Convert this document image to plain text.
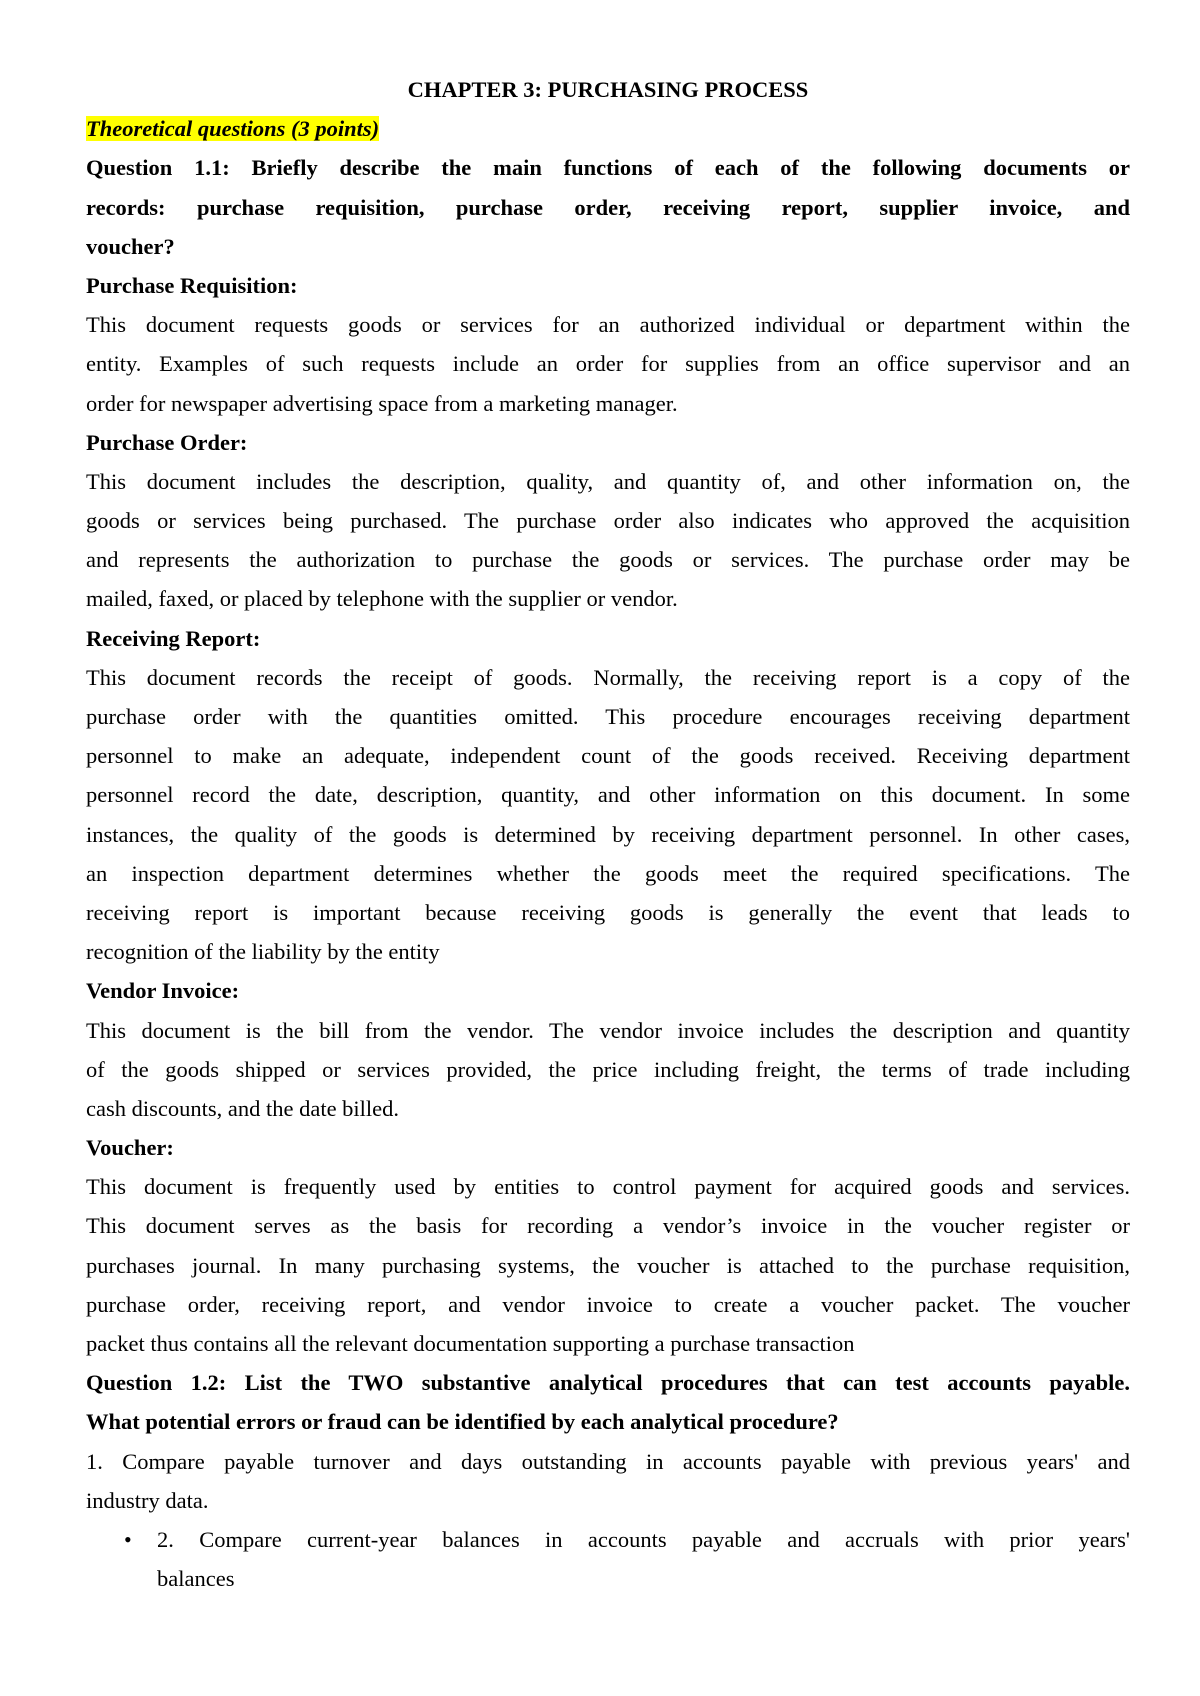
CHAPTER 3: PURCHASING PROCESS
Theoretical questions (3 points)
Question 1.1: Briefly describe the main functions of each of the following documents or
records: purchase requisition, purchase order, receiving report, supplier invoice, and
voucher?
Purchase Requisition:
This document requests goods or services for an authorized individual or department within the
entity. Examples of such requests include an order for supplies from an office supervisor and an
order for newspaper advertising space from a marketing manager.
Purchase Order:
This document includes the description, quality, and quantity of, and other information on, the
goods or services being purchased. The purchase order also indicates who approved the acquisition
and represents the authorization to purchase the goods or services. The purchase order may be
mailed, faxed, or placed by telephone with the supplier or vendor.
Receiving Report:
This document records the receipt of goods. Normally, the receiving report is a copy of the
purchase order with the quantities omitted. This procedure encourages receiving department
personnel to make an adequate, independent count of the goods received. Receiving department
personnel record the date, description, quantity, and other information on this document. In some
instances, the quality of the goods is determined by receiving department personnel. In other cases,
an inspection department determines whether the goods meet the required specifications. The
receiving report is important because receiving goods is generally the event that leads to
recognition of the liability by the entity
Vendor Invoice:
This document is the bill from the vendor. The vendor invoice includes the description and quantity
of the goods shipped or services provided, the price including freight, the terms of trade including
cash discounts, and the date billed.
Voucher:
This document is frequently used by entities to control payment for acquired goods and services.
This document serves as the basis for recording a vendor’s invoice in the voucher register or
purchases journal. In many purchasing systems, the voucher is attached to the purchase requisition,
purchase order, receiving report, and vendor invoice to create a voucher packet. The voucher
packet thus contains all the relevant documentation supporting a purchase transaction
Question 1.2: List the TWO substantive analytical procedures that can test accounts payable.
What potential errors or fraud can be identified by each analytical procedure?
1. Compare payable turnover and days outstanding in accounts payable with previous years' and
industry data.
• 2. Compare current-year balances in accounts payable and accruals with prior years'
balances
